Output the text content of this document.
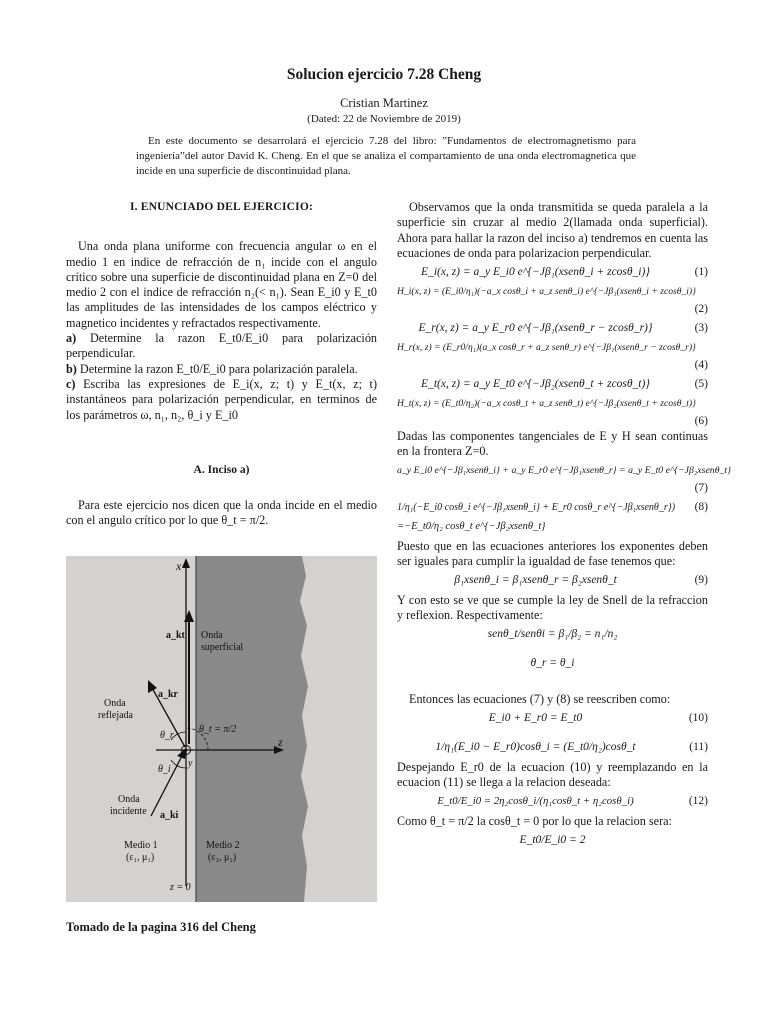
Solucion ejercicio 7.28 Cheng
Cristian Martinez
(Dated: 22 de Noviembre de 2019)
En este documento se desarrolará el ejercicio 7.28 del libro: ”Fundamentos de electromagnetismo para ingeniería”del autor David K. Cheng. En el que se analiza el compartamiento de una onda electromagnetica que incide en una superficie de discontinuidad plana.
I. ENUNCIADO DEL EJERCICIO:

Una onda plana uniforme con frecuencia angular ω en el medio 1 en indice de refracción de n₁ incide con el angulo crítico sobre una superficie de discontinuidad plana en Z=0 del medio 2 con el indice de refracción n₂(< n₁). Sean E_i0 y E_t0 las amplitudes de las intensidades de los campos eléctrico y magnetico incidentes y refractados respectivamente.

a) Determine la razon E_t0/E_i0 para polarización perpendicular.

b) Determine la razon E_t0/E_i0 para polarización paralela.

c) Escriba las expresiones de E_i(x, z; t) y E_t(x, z; t) instantáneos para polarización perpendicular, en terminos de los parámetros ω, n₁, n₂, θ_i y E_i0

A. Inciso a)

Para este ejercicio nos dicen que la onda incide en el medio con el angulo crítico por lo que θ_t = π/2.

x
a_kt Onda
superficial
a_kr
Onda
reflejada
θ_t = π/2
θ_r
θ_i
y
z
Onda
incidente a_ki
Medio 1
(ε₁, μ₁)
Medio 2
(ε₂, μ₂)
z = 0
Tomado de la pagina 316 del Cheng

Observamos que la onda transmitida se queda paralela a la superficie sin cruzar al medio 2(llamada onda superficial). Ahora para hallar la razon del inciso a) tendremos en cuenta las ecuaciones de onda para polarizacion perpendicular.

E_i(x, z) = a_y E_i0 e^{−Jβ₁(xsenθ_i + zcosθ_i)}	(1)
H_i(x, z) = (E_i0/η₁)(−a_x cosθ_i + a_z senθ_i) e^{−Jβ₁(xsenθ_i + zcosθ_i)}
(2)
E_r(x, z) = a_y E_r0 e^{−Jβ₁(xsenθ_r − zcosθ_r)}	(3)
H_r(x, z) = (E_r0/η₁)(a_x cosθ_r + a_z senθ_r) e^{−Jβ₁(xsenθ_r − zcosθ_r)}
(4)
E_t(x, z) = a_y E_t0 e^{−Jβ₂(xsenθ_t + zcosθ_t)}	(5)
H_t(x, z) = (E_t0/η₂)(−a_x cosθ_t + a_z senθ_t) e^{−Jβ₂(xsenθ_t + zcosθ_t)}
(6)

Dadas las componentes tangenciales de E y H sean continuas en la frontera Z=0.

a_y E_i0 e^{−Jβ₁xsenθ_i} + a_y E_r0 e^{−Jβ₁xsenθ_r} = a_y E_t0 e^{−Jβ₂xsenθ_t}
(7)
1/η₁(−E_i0 cosθ_i e^{−Jβ₁xsenθ_i} + E_r0 cosθ_r e^{−Jβ₁xsenθ_r})	(8)
=−E_t0/η₂ cosθ_t e^{−Jβ₂xsenθ_t}

Puesto que en las ecuaciones anteriores los exponentes deben ser iguales para cumplir la igualdad de fase tenemos que:

β₁xsenθ_i = β₁xsenθ_r = β₂xsenθ_t	(9)

Y con esto se ve que se cumple la ley de Snell de la refraccion y reflexion. Respectivamente:

senθ_t/senθi = β₁/β₂ = n₁/n₂
θ_r = θ_i

Entonces las ecuaciones (7) y (8) se reescriben como:

E_i0 + E_r0 = E_t0	(10)
1/η₁(E_i0 − E_r0)cosθ_i = (E_t0/η₂)cosθ_t	(11)

Despejando E_r0 de la ecuacion (10) y reemplazando en la ecuacion (11) se llega a la relacion deseada:

E_t0/E_i0 = 2η₂cosθ_i/(η₁cosθ_t + η₂cosθ_i)	(12)

Como θ_t = π/2 la cosθ_t = 0 por lo que la relacion sera:

E_t0/E_i0 = 2
